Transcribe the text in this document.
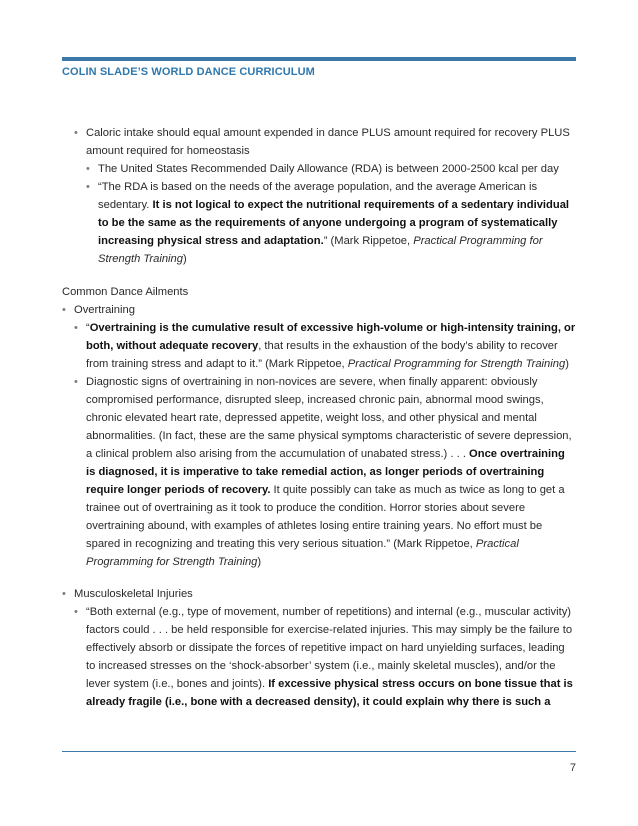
COLIN SLADE’S WORLD DANCE CURRICULUM
• Caloric intake should equal amount expended in dance PLUS amount required for recovery PLUS amount required for homeostasis
• The United States Recommended Daily Allowance (RDA) is between 2000-2500 kcal per day
• “The RDA is based on the needs of the average population, and the average American is sedentary. It is not logical to expect the nutritional requirements of a sedentary individual to be the same as the requirements of anyone undergoing a program of systematically increasing physical stress and adaptation.” (Mark Rippetoe, Practical Programming for Strength Training)
Common Dance Ailments
• Overtraining
• “Overtraining is the cumulative result of excessive high-volume or high-intensity training, or both, without adequate recovery, that results in the exhaustion of the body’s ability to recover from training stress and adapt to it.” (Mark Rippetoe, Practical Programming for Strength Training)
• Diagnostic signs of overtraining in non-novices are severe, when finally apparent: obviously compromised performance, disrupted sleep, increased chronic pain, abnormal mood swings, chronic elevated heart rate, depressed appetite, weight loss, and other physical and mental abnormalities. (In fact, these are the same physical symptoms characteristic of severe depression, a clinical problem also arising from the accumulation of unabated stress.) . . . Once overtraining is diagnosed, it is imperative to take remedial action, as longer periods of overtraining require longer periods of recovery. It quite possibly can take as much as twice as long to get a trainee out of overtraining as it took to produce the condition. Horror stories about severe overtraining abound, with examples of athletes losing entire training years. No effort must be spared in recognizing and treating this very serious situation.” (Mark Rippetoe, Practical Programming for Strength Training)
• Musculoskeletal Injuries
• “Both external (e.g., type of movement, number of repetitions) and internal (e.g., muscular activity) factors could . . . be held responsible for exercise-related injuries. This may simply be the failure to effectively absorb or dissipate the forces of repetitive impact on hard unyielding surfaces, leading to increased stresses on the ‘shock-absorber’ system (i.e., mainly skeletal muscles), and/or the lever system (i.e., bones and joints). If excessive physical stress occurs on bone tissue that is already fragile (i.e., bone with a decreased density), it could explain why there is such a
7
